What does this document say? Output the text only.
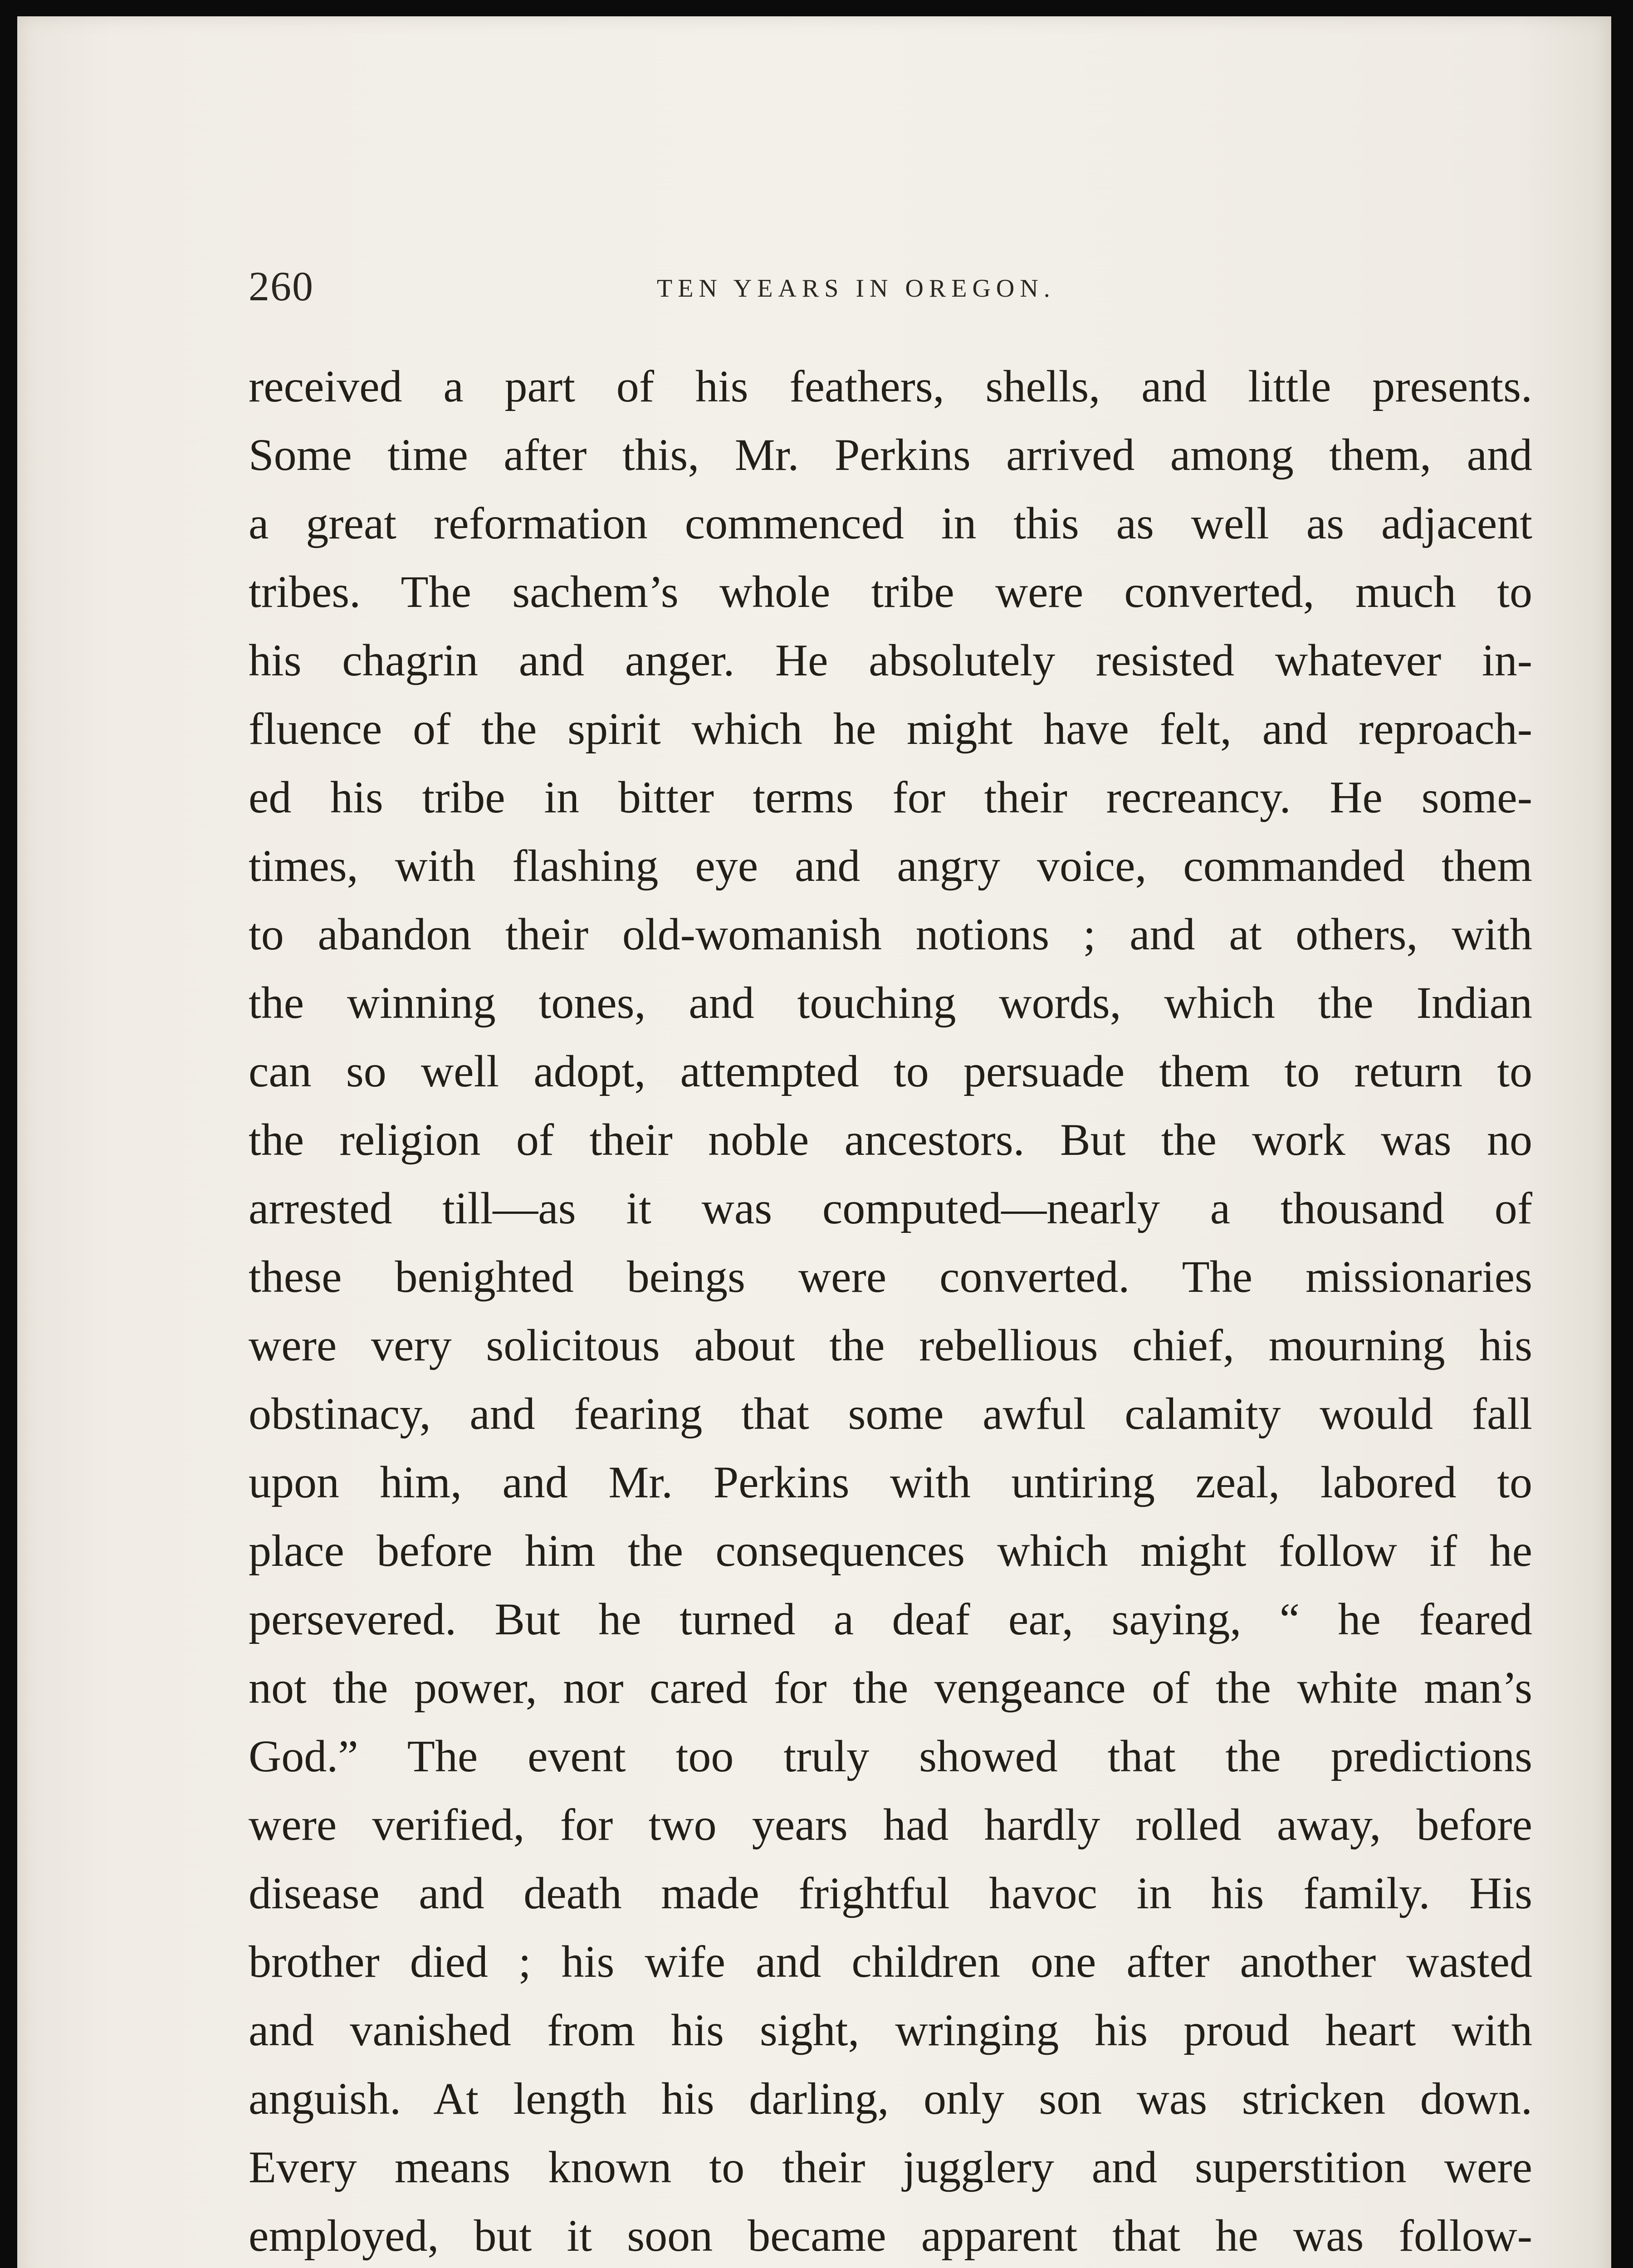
260	TEN YEARS IN OREGON.
received a part of his feathers, shells, and little presents.
Some time after this, Mr. Perkins arrived among them, and
a great reformation commenced in this as well as adjacent
tribes. The sachem’s whole tribe were converted, much to
his chagrin and anger. He absolutely resisted whatever in-
fluence of the spirit which he might have felt, and reproach-
ed his tribe in bitter terms for their recreancy. He some-
times, with flashing eye and angry voice, commanded them
to abandon their old-womanish notions ; and at others, with
the winning tones, and touching words, which the Indian
can so well adopt, attempted to persuade them to return to
the religion of their noble ancestors. But the work was no
arrested till—as it was computed—nearly a thousand of
these benighted beings were converted. The missionaries
were very solicitous about the rebellious chief, mourning his
obstinacy, and fearing that some awful calamity would fall
upon him, and Mr. Perkins with untiring zeal, labored to
place before him the consequences which might follow if he
persevered. But he turned a deaf ear, saying, “ he feared
not the power, nor cared for the vengeance of the white man’s
God.” The event too truly showed that the predictions
were verified, for two years had hardly rolled away, before
disease and death made frightful havoc in his family. His
brother died ; his wife and children one after another wasted
and vanished from his sight, wringing his proud heart with
anguish. At length his darling, only son was stricken down.
Every means known to their jugglery and superstition were
employed, but it soon became apparent that he was follow-
